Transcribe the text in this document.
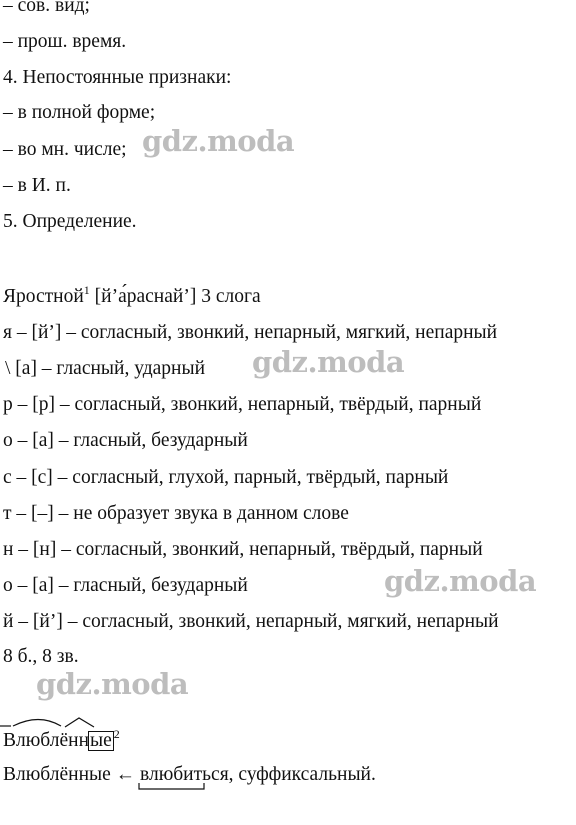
– сов. вид;
– прош. время.
4. Непостоянные признаки:
– в полной форме;
– во мн. числе;
– в И. п.
5. Определение.
Яростной$^1$ [й’а́раснай’] 3 слога
я – [й’] – согласный, звонкий, непарный, мягкий, непарный
\ [а] – гласный, ударный
р – [р] – согласный, звонкий, непарный, твёрдый, парный
о – [а] – гласный, безударный
с – [с] – согласный, глухой, парный, твёрдый, парный
т – [–] – не образует звука в данном слове
н – [н] – согласный, звонкий, непарный, твёрдый, парный
о – [а] – гласный, безударный
й – [й’] – согласный, звонкий, непарный, мягкий, непарный
8 б., 8 зв.
Влюблённые $^2$
Влюблённые ←
влюбиться, суффиксальный.
gdz.moda
gdz.moda
gdz.moda
gdz.moda
